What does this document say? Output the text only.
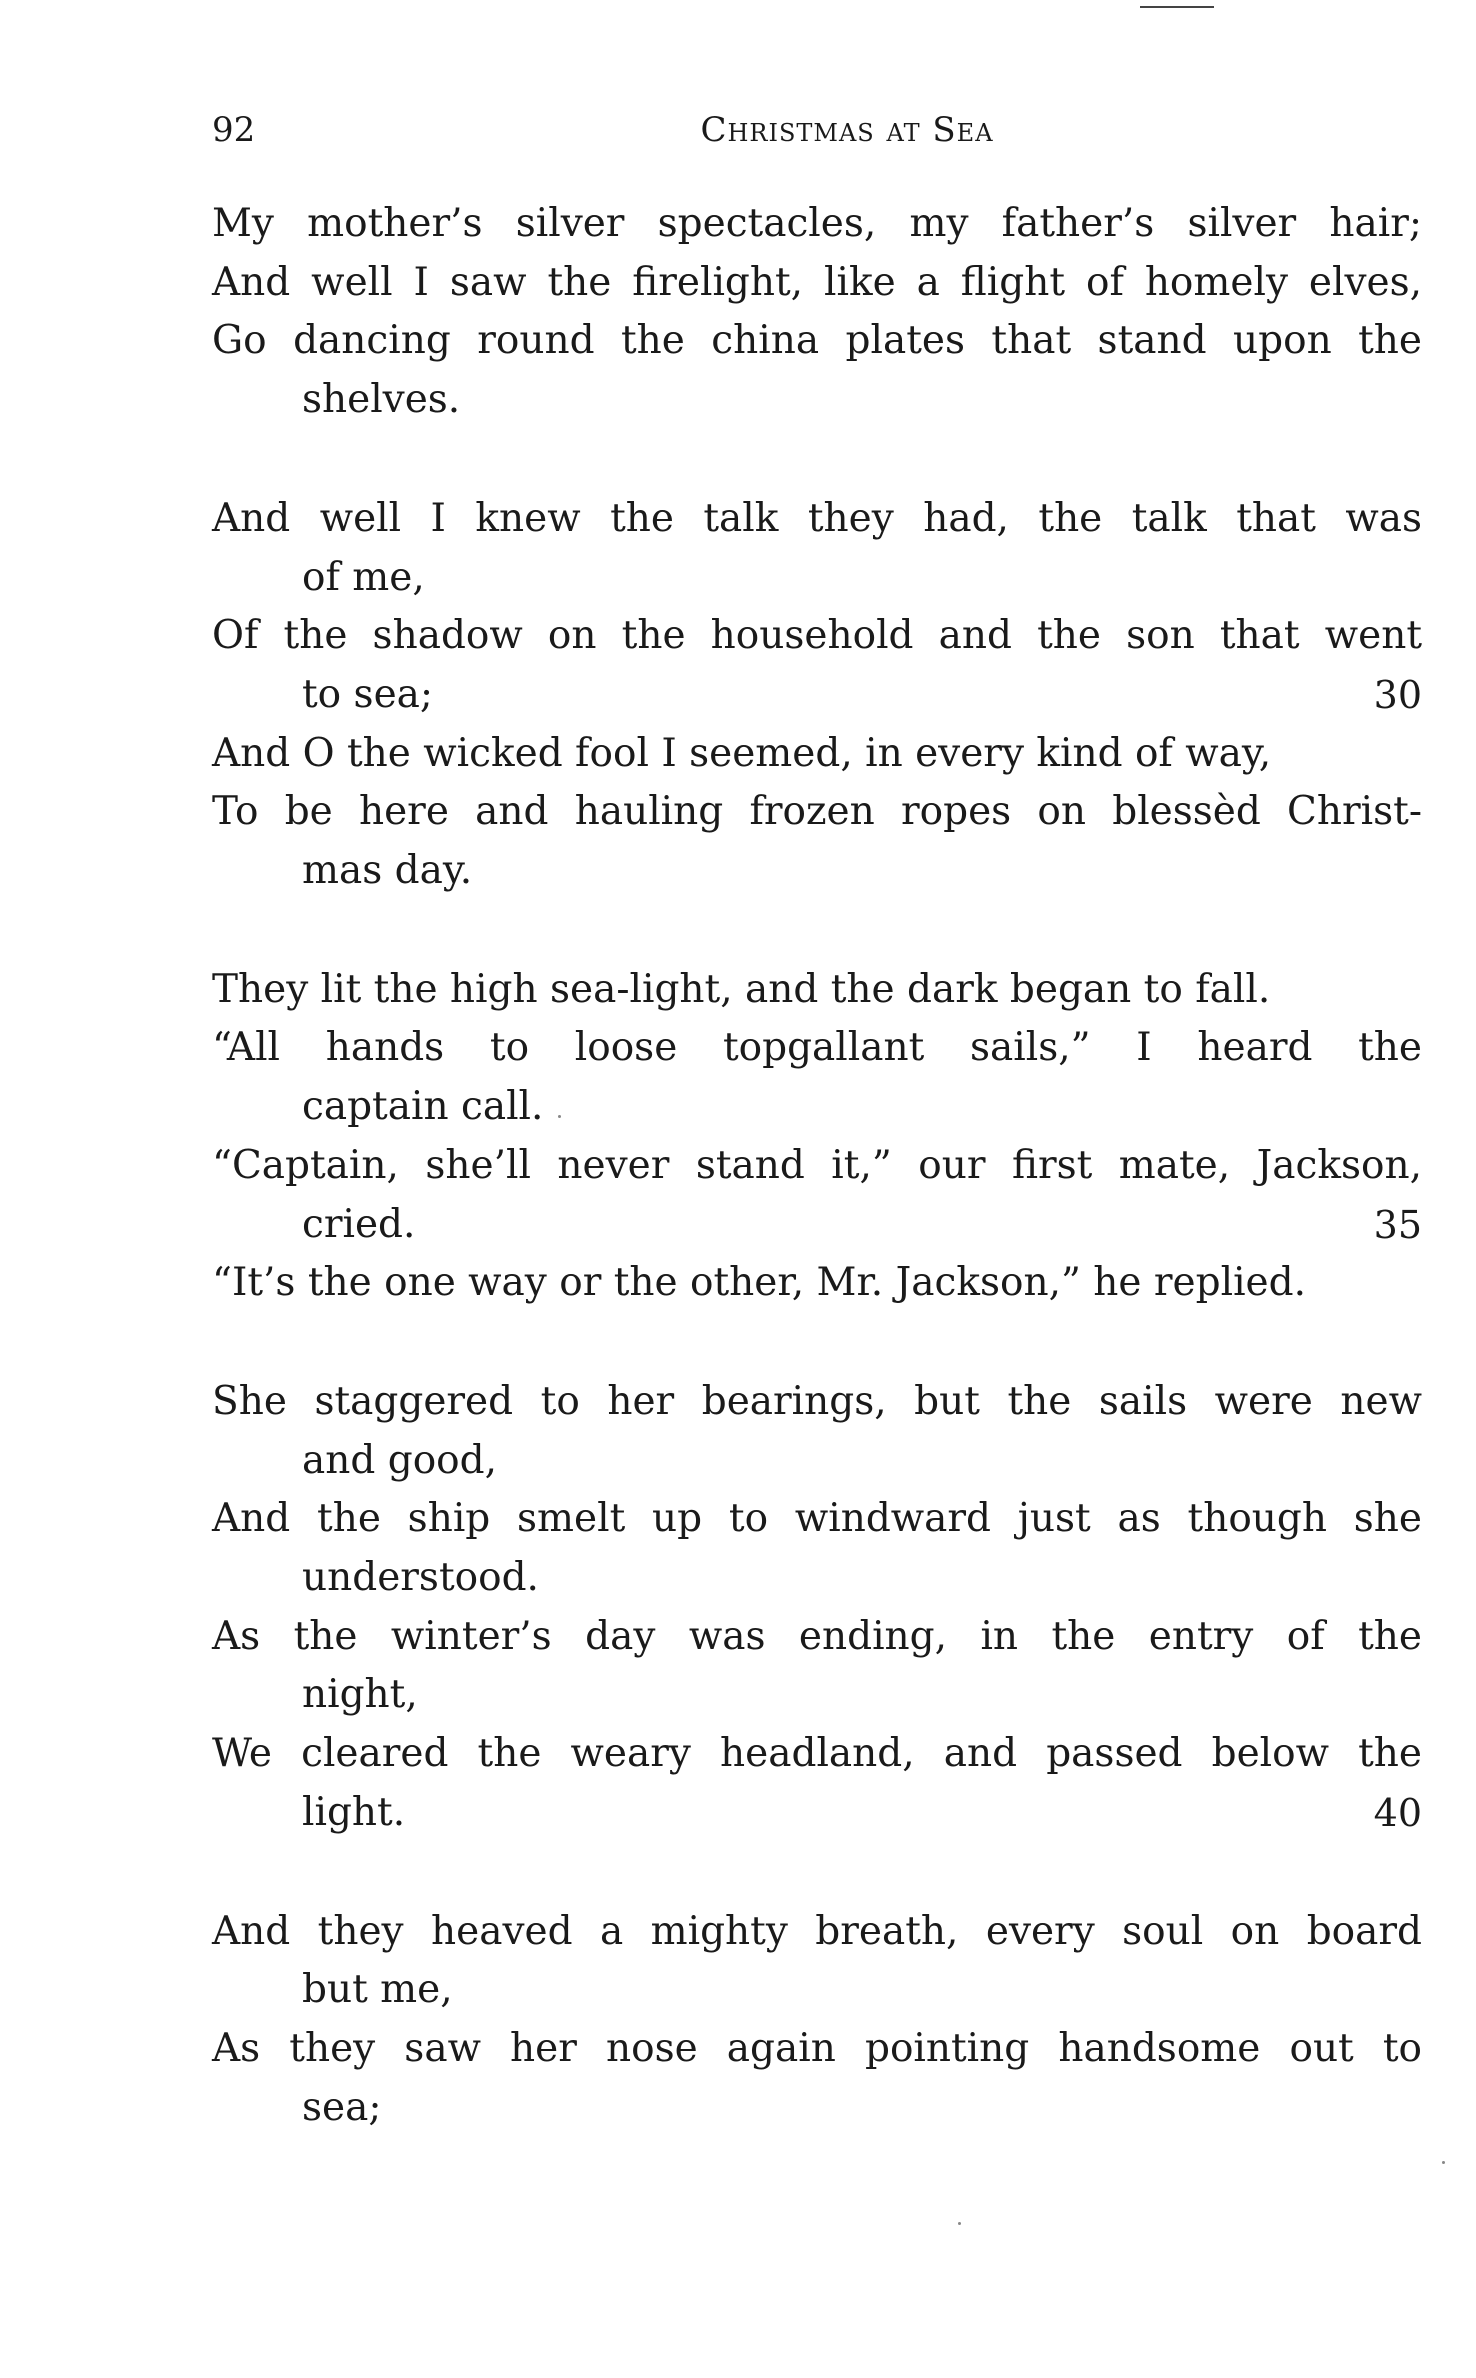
92	Christmas at Sea
My mother’s silver spectacles, my father’s silver hair;
And well I saw the firelight, like a flight of homely elves,
Go dancing round the china plates that stand upon the
shelves.
And well I knew the talk they had, the talk that was
of me,
Of the shadow on the household and the son that went
to sea;	30
And O the wicked fool I seemed, in every kind of way,
To be here and hauling frozen ropes on blessèd Christ-
mas day.
They lit the high sea-light, and the dark began to fall.
“All hands to loose topgallant sails,” I heard the
captain call.
“Captain, she’ll never stand it,” our first mate, Jackson,
cried.	35
“It’s the one way or the other, Mr. Jackson,” he replied.
She staggered to her bearings, but the sails were new
and good,
And the ship smelt up to windward just as though she
understood.
As the winter’s day was ending, in the entry of the
night,
We cleared the weary headland, and passed below the
light.	40
And they heaved a mighty breath, every soul on board
but me,
As they saw her nose again pointing handsome out to
sea;
